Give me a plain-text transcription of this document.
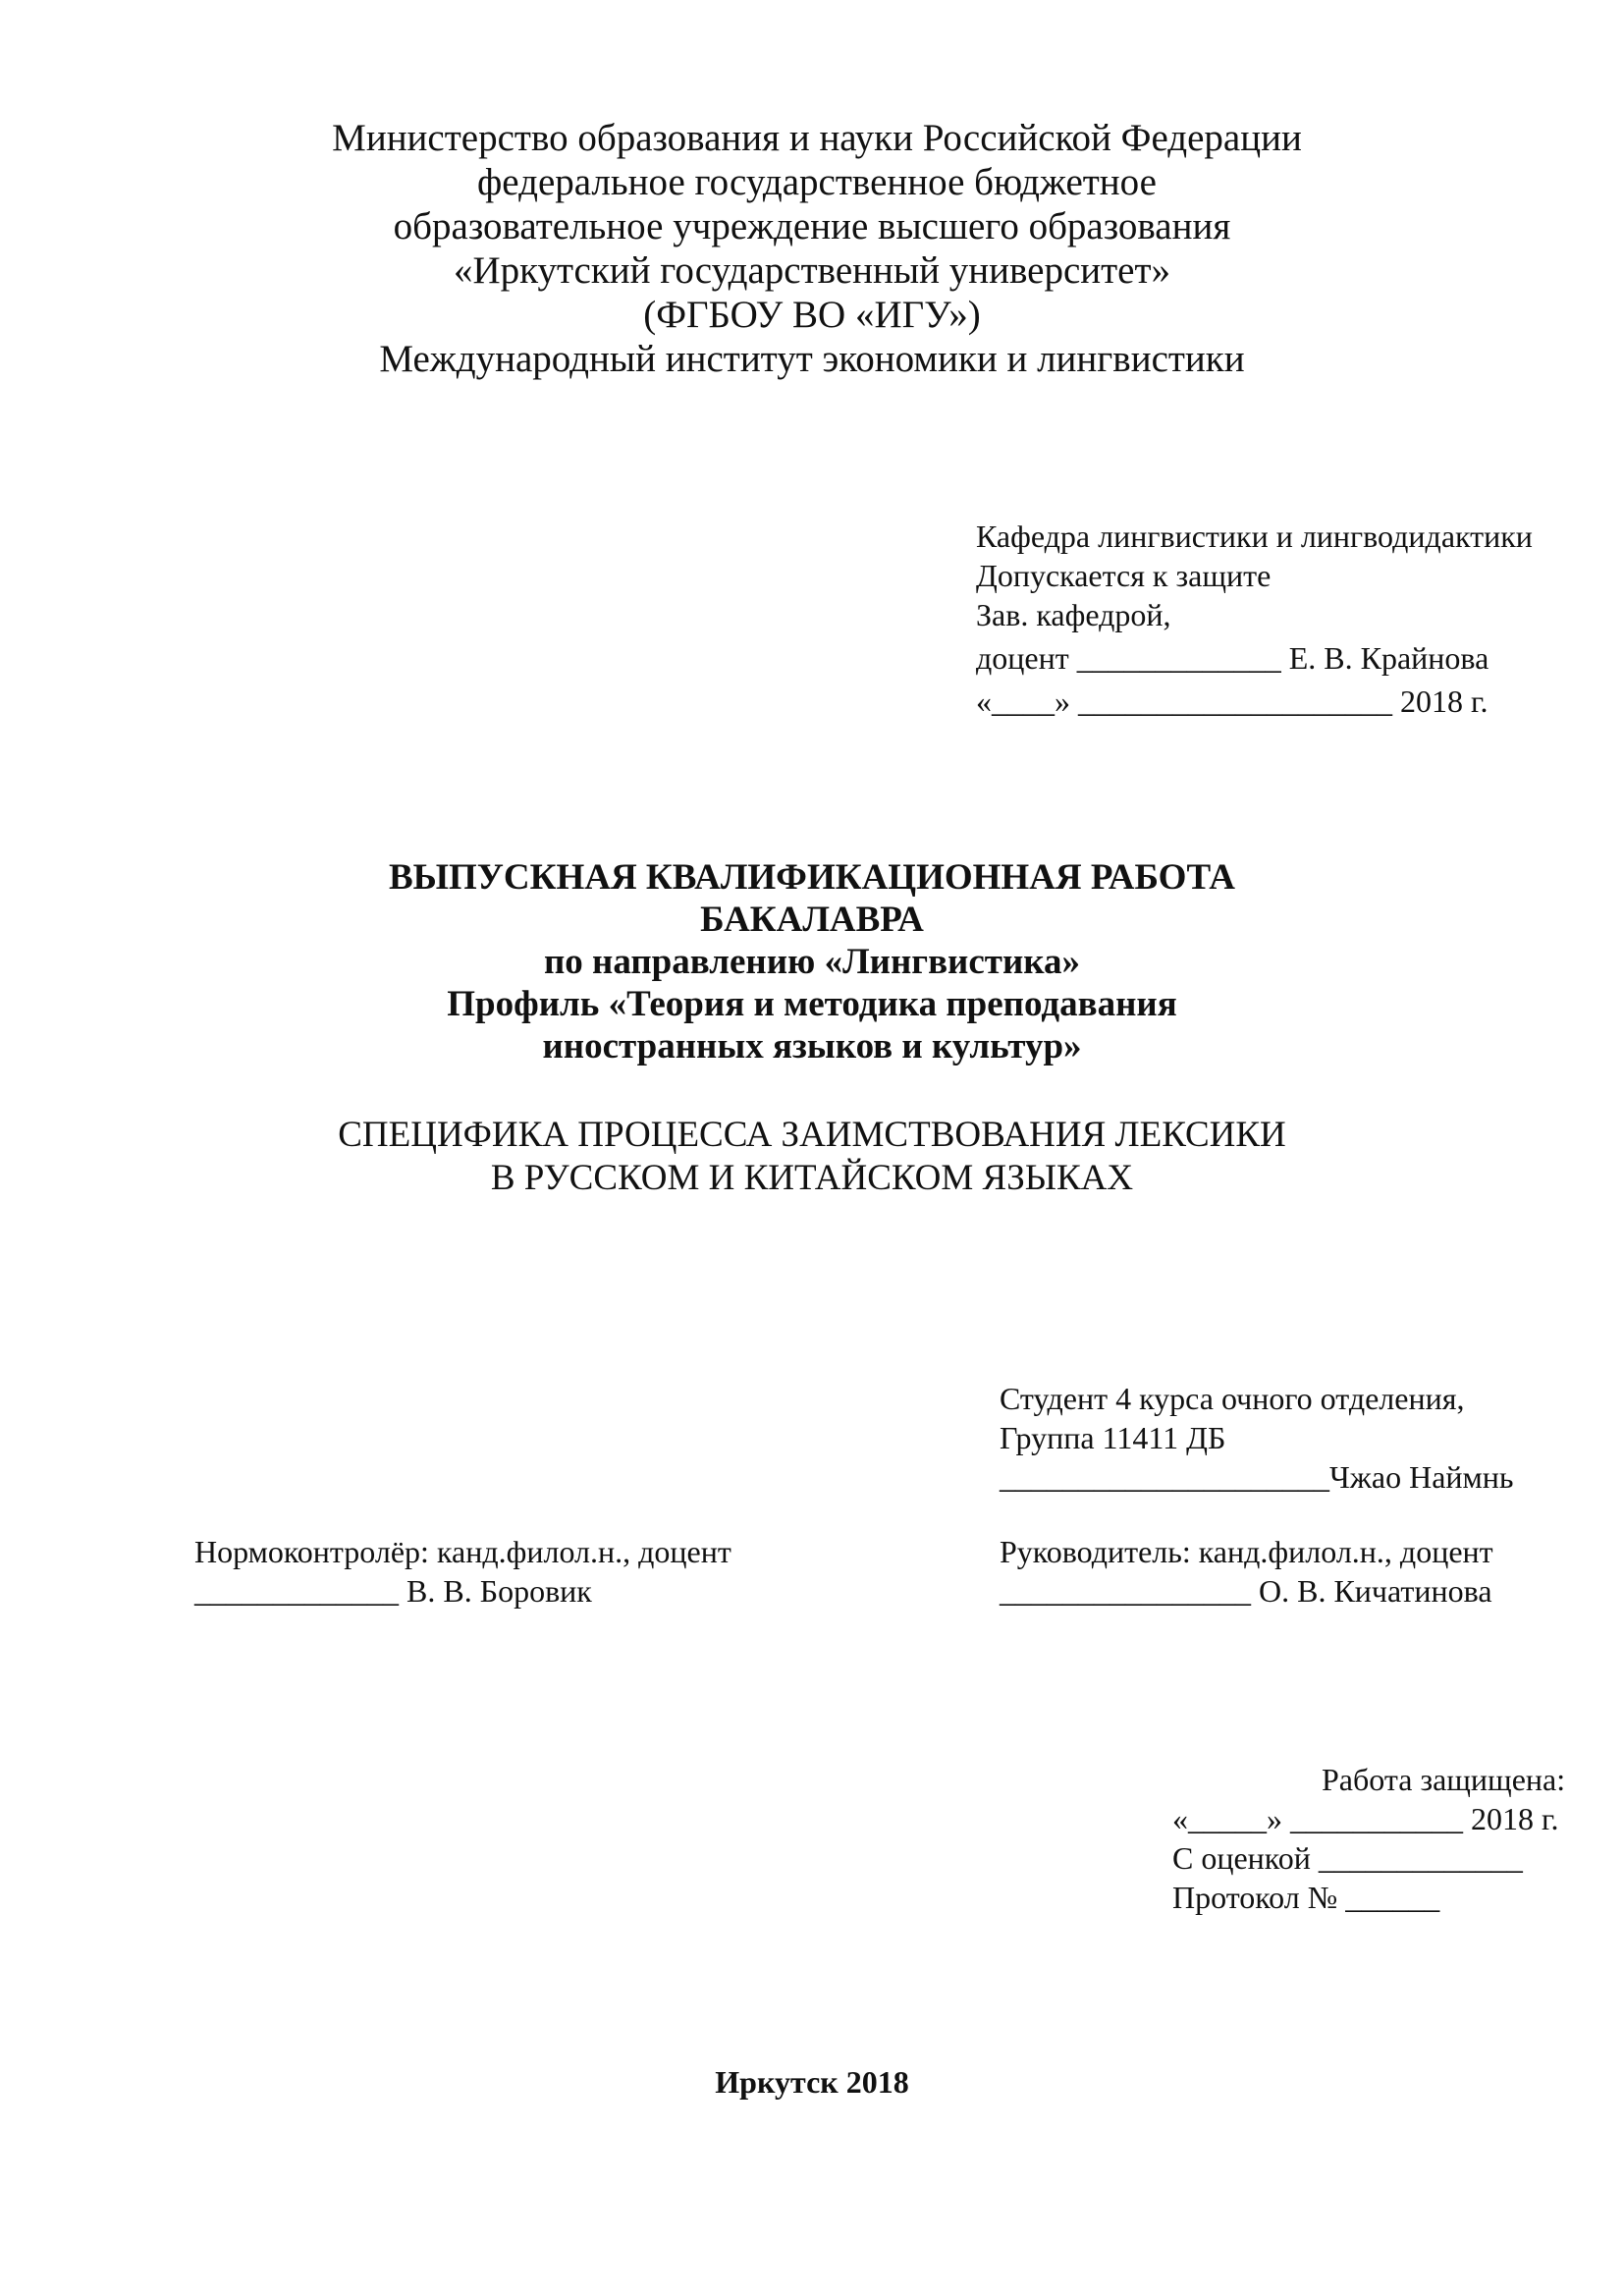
Министерство образования и науки Российской Федерации
федеральное государственное бюджетное
образовательное учреждение высшего образования
«Иркутский государственный университет»
(ФГБОУ ВО «ИГУ»)
Международный институт экономики и лингвистики
Кафедра лингвистики и лингводидактики
Допускается к защите
Зав. кафедрой,
доцент _____________ Е. В. Крайнова
«____» ____________________ 2018 г.
ВЫПУСКНАЯ КВАЛИФИКАЦИОННАЯ РАБОТА
БАКАЛАВРА
по направлению «Лингвистика»
Профиль «Теория и методика преподавания
иностранных языков и культур»
СПЕЦИФИКА ПРОЦЕССА ЗАИМСТВОВАНИЯ ЛЕКСИКИ
В РУССКОМ И КИТАЙСКОМ ЯЗЫКАХ
Студент 4 курса очного отделения,
Группа 11411 ДБ
_____________________Чжао Наймнь
Нормоконтролёр: канд.филол.н., доцент
_____________ В. В. Боровик
Руководитель: канд.филол.н., доцент
________________ О. В. Кичатинова
Работа защищена:
«_____» ___________ 2018 г.
С оценкой _____________
Протокол № ______
Иркутск 2018
